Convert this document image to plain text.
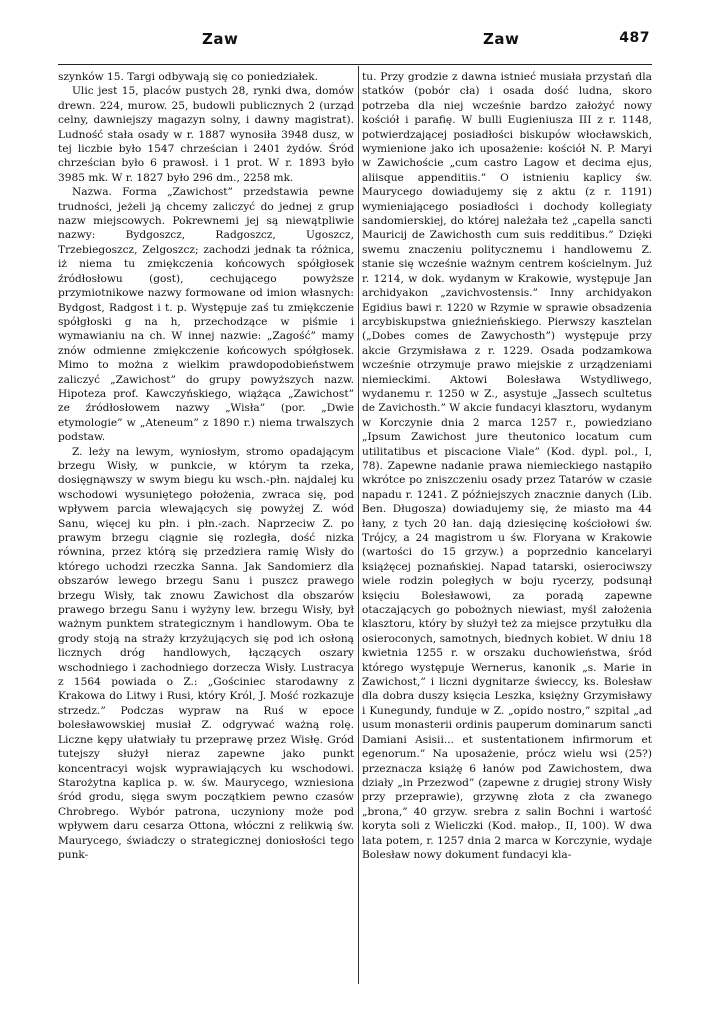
Zaw	Zaw	487

szynków 15. Targi odbywają się co poniedziałek.

Ulic jest 15, placów pustych 28, rynki dwa, domów drewn. 224, murow. 25, budowli publicznych 2 (urząd celny, dawniejszy magazyn solny, i dawny magistrat). Ludność stała osady w r. 1887 wynosiła 3948 dusz, w tej liczbie było 1547 chrześcian i 2401 żydów. Śród chrześcian było 6 prawosł. i 1 prot. W r. 1893 było 3985 mk. W r. 1827 było 296 dm., 2258 mk.

Nazwa. Forma „Zawichost” przedstawia pewne trudności, jeżeli ją chcemy zaliczyć do jednej z grup nazw miejscowych. Pokrewnemi jej są niewątpliwie nazwy: Bydgoszcz, Radgoszcz, Ugoszcz, Trzebiegoszcz, Zelgoszcz; zachodzi jednak ta różnica, iż niema tu zmiękczenia końcowych spółgłosek źródłosłowu (gost), cechującego powyższe przymiotnikowe nazwy formowane od imion własnych: Bydgost, Radgost i t. p. Występuje zaś tu zmiękczenie spółgłoski g na h, przechodzące w piśmie i wymawianiu na ch. W innej nazwie: „Zagość” mamy znów odmienne zmiękczenie końcowych spółgłosek. Mimo to można z wielkim prawdopodobieństwem zaliczyć „Zawichost” do grupy powyższych nazw. Hipoteza prof. Kawczyńskiego, wiążąca „Zawichost” ze źródłosłowem nazwy „Wisła” (por. „Dwie etymologie” w „Ateneum” z 1890 r.) niema trwalszych podstaw.

Z. leży na lewym, wyniosłym, stromo opadającym brzegu Wisły, w punkcie, w którym ta rzeka, dosięgnąwszy w swym biegu ku wsch.-płn. najdalej ku wschodowi wysuniętego położenia, zwraca się, pod wpływem parcia wlewających się powyżej Z. wód Sanu, więcej ku płn. i płn.-zach. Naprzeciw Z. po prawym brzegu ciągnie się rozległa, dość nizka równina, przez którą się przedziera ramię Wisły do którego uchodzi rzeczka Sanna. Jak Sandomierz dla obszarów lewego brzegu Sanu i puszcz prawego brzegu Wisły, tak znowu Zawichost dla obszarów prawego brzegu Sanu i wyżyny lew. brzegu Wisły, był ważnym punktem strategicznym i handlowym. Oba te grody stoją na straży krzyżujących się pod ich osłoną licznych dróg handlowych, łączących oszary wschodniego i zachodniego dorzecza Wisły. Lustracya z 1564 powiada o Z.: „Gościniec starodawny z Krakowa do Litwy i Rusi, który Król, J. Mość rozkazuje strzedz.” Podczas wypraw na Ruś w epoce bolesławowskiej musiał Z. odgrywać ważną rolę. Liczne kępy ułatwiały tu przeprawę przez Wisłę. Gród tutejszy służył nieraz zapewne jako punkt koncentracyi wojsk wyprawiających ku wschodowi. Starożytna kaplica p. w. św. Maurycego, wzniesiona śród grodu, sięga swym początkiem pewno czasów Chrobrego. Wybór patrona, uczyniony może pod wpływem daru cesarza Ottona, włóczni z relikwią św. Maurycego, świadczy o strategicznej doniosłości tego punk-

tu. Przy grodzie z dawna istnieć musiała przystań dla statków (pobór cła) i osada dość ludna, skoro potrzeba dla niej wcześnie bardzo założyć nowy kościół i parafię. W bulli Eugieniusza III z r. 1148, potwierdzającej posiadłości biskupów włocławskich, wymienione jako ich uposażenie: kościół N. P. Maryi w Zawichoście „cum castro Lagow et decima ejus, aliisque appenditiis.” O istnieniu kaplicy św. Maurycego dowiadujemy się z aktu (z r. 1191) wymieniającego posiadłości i dochody kollegiaty sandomierskiej, do której należała też „capella sancti Mauricij de Zawichosth cum suis redditibus.” Dzięki swemu znaczeniu politycznemu i handlowemu Z. stanie się wcześnie ważnym centrem kościelnym. Już r. 1214, w dok. wydanym w Krakowie, występuje Jan archidyakon „zavichvostensis.” Inny archidyakon Egidius bawi r. 1220 w Rzymie w sprawie obsadzenia arcybiskupstwa gnieźnieńskiego. Pierwszy kasztelan („Dobes comes de Zawychosth”) występuje przy akcie Grzymisława z r. 1229. Osada podzamkowa wcześnie otrzymuje prawo miejskie z urządzeniami niemieckimi. Aktowi Bolesława Wstydliwego, wydanemu r. 1250 w Z., asystuje „Jassech scultetus de Zavichosth.” W akcie fundacyi klasztoru, wydanym w Korczynie dnia 2 marca 1257 r., powiedziano „Ipsum Zawichost jure theutonico locatum cum utilitatibus et piscacione Viale” (Kod. dypl. pol., I, 78). Zapewne nadanie prawa niemieckiego nastąpiło wkrótce po zniszczeniu osady przez Tatarów w czasie napadu r. 1241. Z późniejszych znacznie danych (Lib. Ben. Długosza) dowiadujemy się, że miasto ma 44 łany, z tych 20 łan. dają dziesięcinę kościołowi św. Trójcy, a 24 magistrom u św. Floryana w Krakowie (wartości do 15 grzyw.) a poprzednio kancelaryi książęcej poznańskiej. Napad tatarski, osierociwszy wiele rodzin poległych w boju rycerzy, podsunął księciu Bolesławowi, za poradą zapewne otaczających go pobożnych niewiast, myśl założenia klasztoru, który by służył też za miejsce przytułku dla osieroconych, samotnych, biednych kobiet. W dniu 18 kwietnia 1255 r. w orszaku duchowieństwa, śród którego występuje Wernerus, kanonik „s. Marie in Zawichost,” i liczni dygnitarze świeccy, ks. Bolesław dla dobra duszy księcia Leszka, księżny Grzymisławy i Kunegundy, funduje w Z. „opido nostro,” szpital „ad usum monasterii ordinis pauperum dominarum sancti Damiani Asisii... et sustentationem infirmorum et egenorum.” Na uposażenie, prócz wielu wsi (25?) przeznacza książę 6 łanów pod Zawichostem, dwa działy „in Przezwod” (zapewne z drugiej strony Wisły przy przeprawie), grzywnę złota z cła zwanego „brona,” 40 grzyw. srebra z salin Bochni i wartość koryta soli z Wieliczki (Kod. małop., II, 100). W dwa lata potem, r. 1257 dnia 2 marca w Korczynie, wydaje Bolesław nowy dokument fundacyi kla-
